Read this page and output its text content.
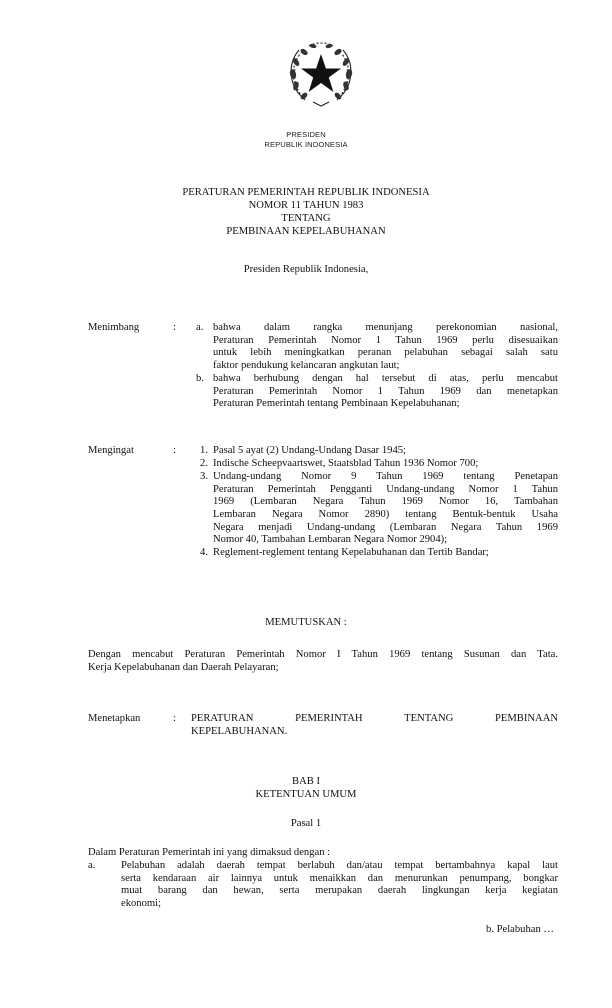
PRESIDEN
REPUBLIK INDONESIA
PERATURAN PEMERINTAH REPUBLIK INDONESIA
NOMOR 11 TAHUN 1983
TENTANG
PEMBINAAN KEPELABUHANAN
Presiden Republik Indonesia,
Menimbang	: a. bahwa dalam rangka menunjang perekonomian nasional,
Peraturan Pemerintah Nomor 1 Tahun 1969 perlu disesuaikan
untuk lebih meningkatkan peranan pelabuhan sebagai salah satu
faktor pendukung kelancaran angkutan laut;
b. bahwa berhubung dengan hal tersebut di atas, perlu mencabut
Peraturan Pemerintah Nomor 1 Tahun 1969 dan menetapkan
Peraturan Pemerintah tentang Pembinaan Kepelabuhanan;
Mengingat	:	1. Pasal 5 ayat (2) Undang-Undang Dasar 1945;
2. Indische Scheepvaartswet, Staatsblad Tahun 1936 Nomor 700;
3. Undang-undang Nomor 9 Tahun 1969 tentang Penetapan
Peraturan Pemerintah Pengganti Undang-undang Nomor 1 Tahun
1969 (Lembaran Negara Tahun 1969 Nomor 16, Tambahan
Lembaran Negara Nomor 2890) tentang Bentuk-bentuk Usaha
Negara menjadi Undang-undang (Lembaran Negara Tahun 1969
Nomor 40, Tambahan Lembaran Negara Nomor 2904);
4. Reglement-reglement tentang Kepelabuhanan dan Tertib Bandar;
MEMUTUSKAN :
Dengan mencabut Peraturan Pemerintah Nomor I Tahun 1969 tentang Susunan dan Tata.
Kerja Kepelabuhanan dan Daerah Pelayaran;
Menetapkan	: PERATURAN PEMERINTAH TENTANG PEMBINAAN
KEPELABUHANAN.
BAB I
KETENTUAN UMUM
Pasal 1
Dalam Peraturan Pemerintah ini yang dimaksud dengan :
a. Pelabuhan adalah daerah tempat berlabuh dan/atau tempat bertambahnya kapal laut
serta kendaraan air lainnya untuk menaikkan dan menurunkan penumpang, bongkar
muat barang dan hewan, serta merupakan daerah lingkungan kerja kegiatan
ekonomi;
b. Pelabuhan …
